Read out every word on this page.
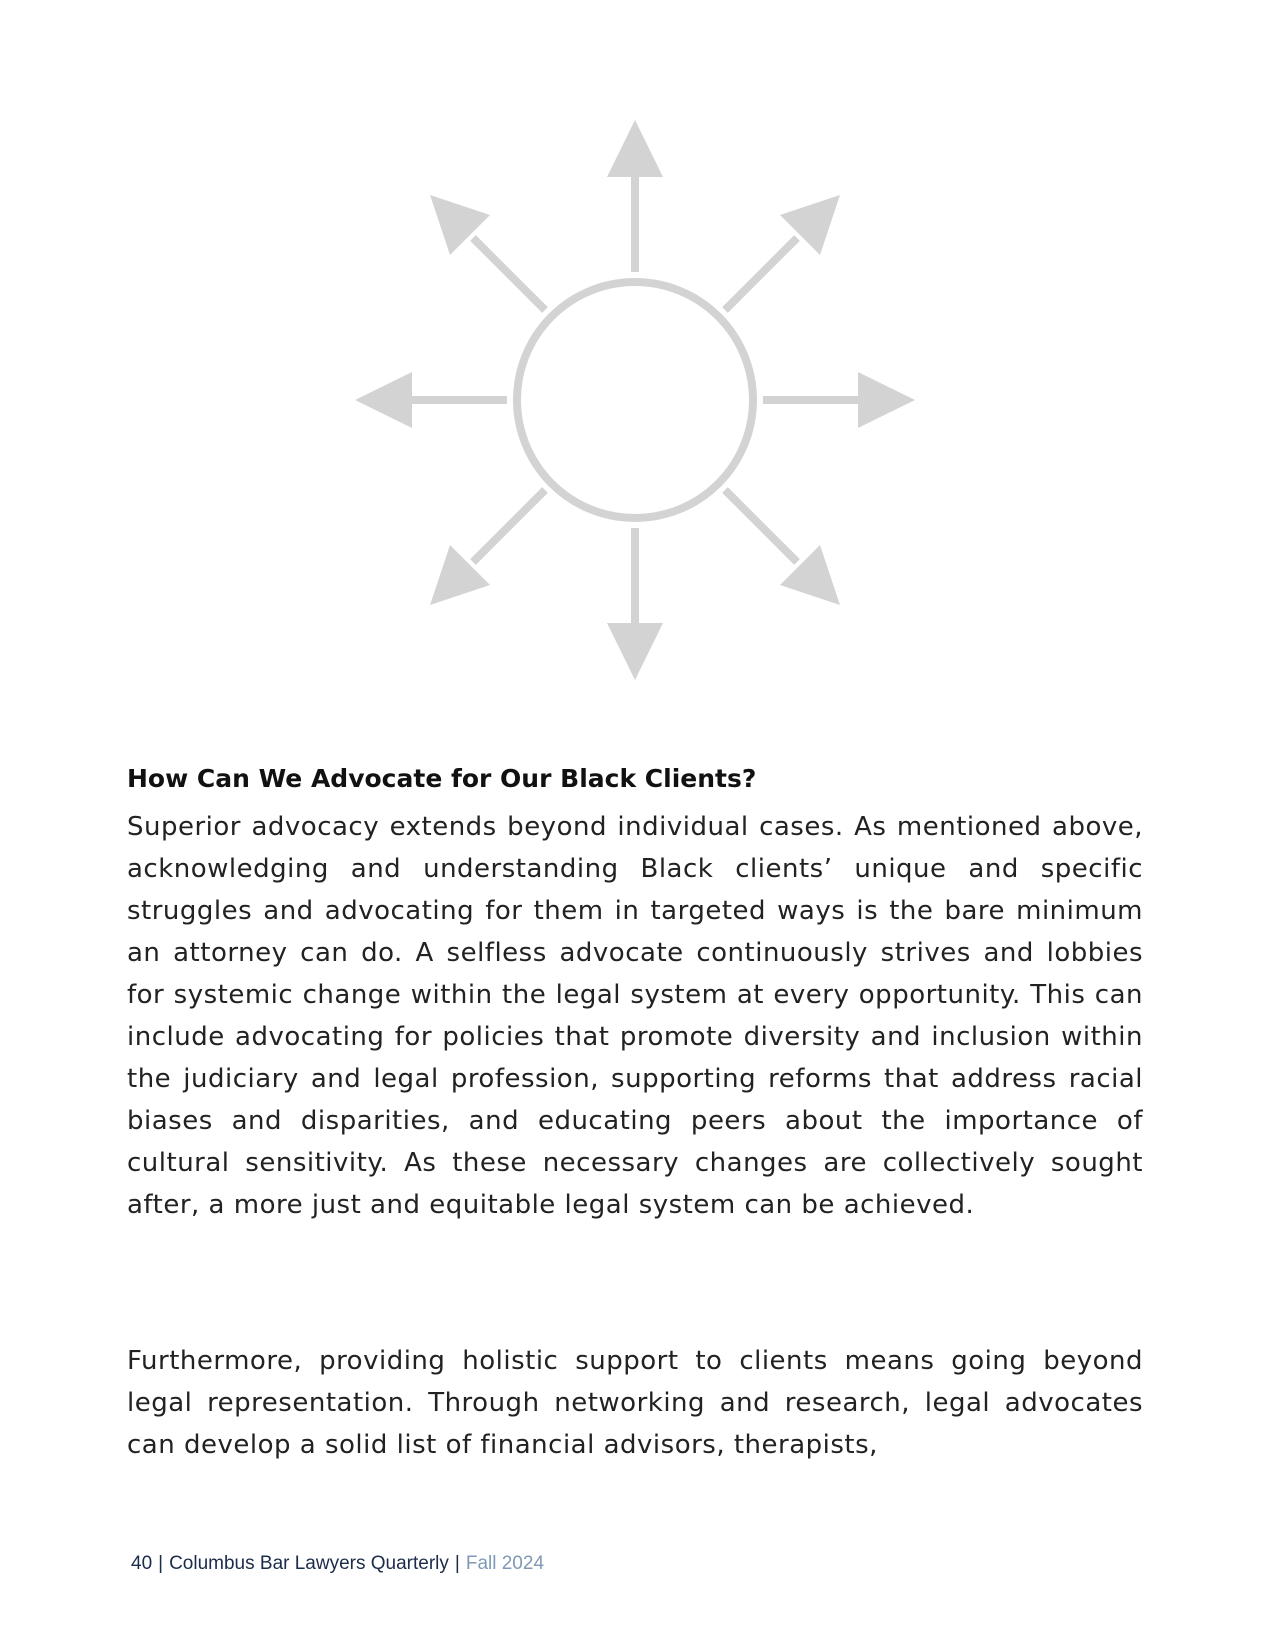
How Can We Advocate for Our Black Clients?

Superior advocacy extends beyond individual cases. As mentioned above, acknowledging and understanding Black clients’ unique and specific struggles and advocating for them in targeted ways is the bare minimum an attorney can do. A selfless advocate continuously strives and lobbies for systemic change within the legal system at every opportunity. This can include advocating for policies that promote diversity and inclusion within the judiciary and legal profession, supporting reforms that address racial biases and disparities, and educating peers about the importance of cultural sensitivity. As these necessary changes are collectively sought after, a more just and equitable legal system can be achieved.

Furthermore, providing holistic support to clients means going beyond legal representation. Through networking and research, legal advocates can develop a solid list of financial advisors, therapists,

40 | Columbus Bar Lawyers Quarterly | Fall 2024
